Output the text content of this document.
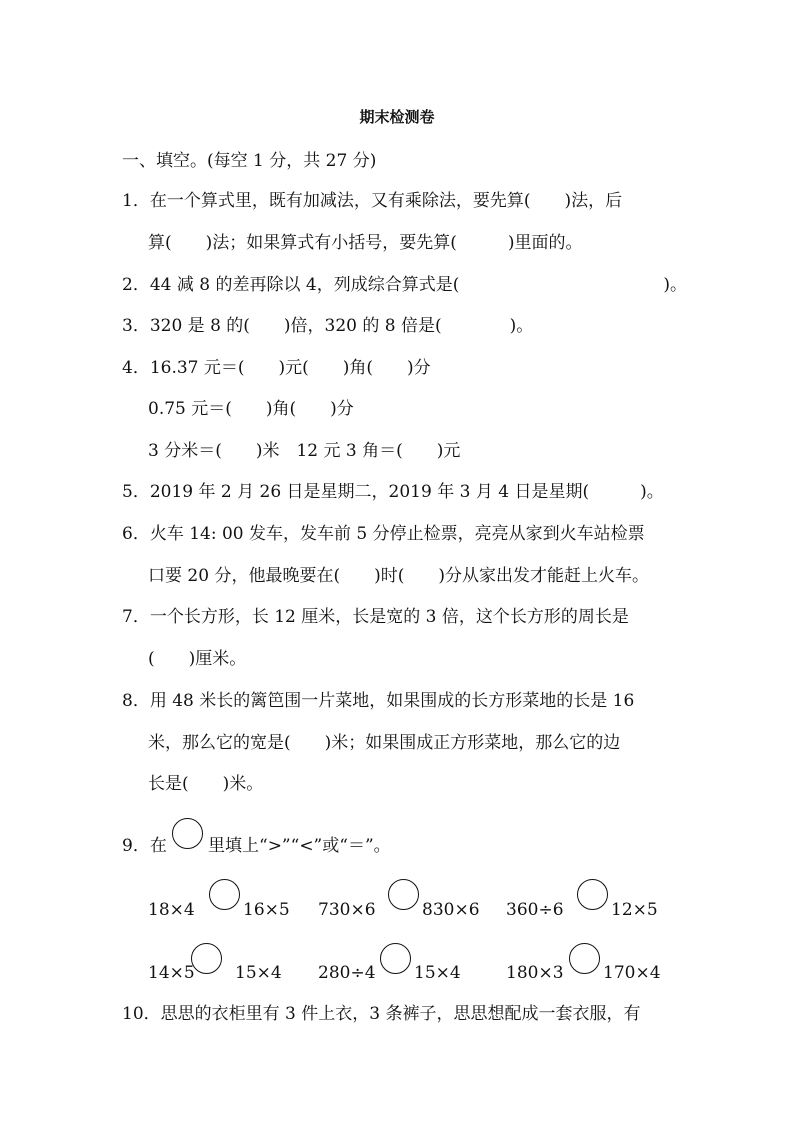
期末检测卷
一、填空。(每空 1 分，共 27 分)
1．在一个算式里，既有加减法，又有乘除法，要先算(　　)法，后
算(　　)法；如果算式有小括号，要先算(　　　)里面的。
2．44 减 8 的差再除以 4，列成综合算式是(　　　　　　　　　　　　)。
3．320 是 8 的(　　)倍，320 的 8 倍是(　　　　)。
4．16.37 元＝(　　)元(　　)角(　　)分
0.75 元＝(　　)角(　　)分
3 分米＝(　　)米　12 元 3 角＝(　　)元
5．2019 年 2 月 26 日是星期二，2019 年 3 月 4 日是星期(　　　)。
6．火车 14: 00 发车，发车前 5 分停止检票，亮亮从家到火车站检票
口要 20 分，他最晚要在(　　)时(　　)分从家出发才能赶上火车。
7．一个长方形，长 12 厘米，长是宽的 3 倍，这个长方形的周长是
(　　)厘米。
8．用 48 米长的篱笆围一片菜地，如果围成的长方形菜地的长是 16
米，那么它的宽是(　　)米；如果围成正方形菜地，那么它的边
长是(　　)米。
9．在 里填上“>”“<”或“＝”。
18×4	16×5 730×6	830×6 360÷6	12×5
14×5 15×4 280÷4 15×4	180×3 170×4
10．思思的衣柜里有 3 件上衣，3 条裤子，思思想配成一套衣服，有
